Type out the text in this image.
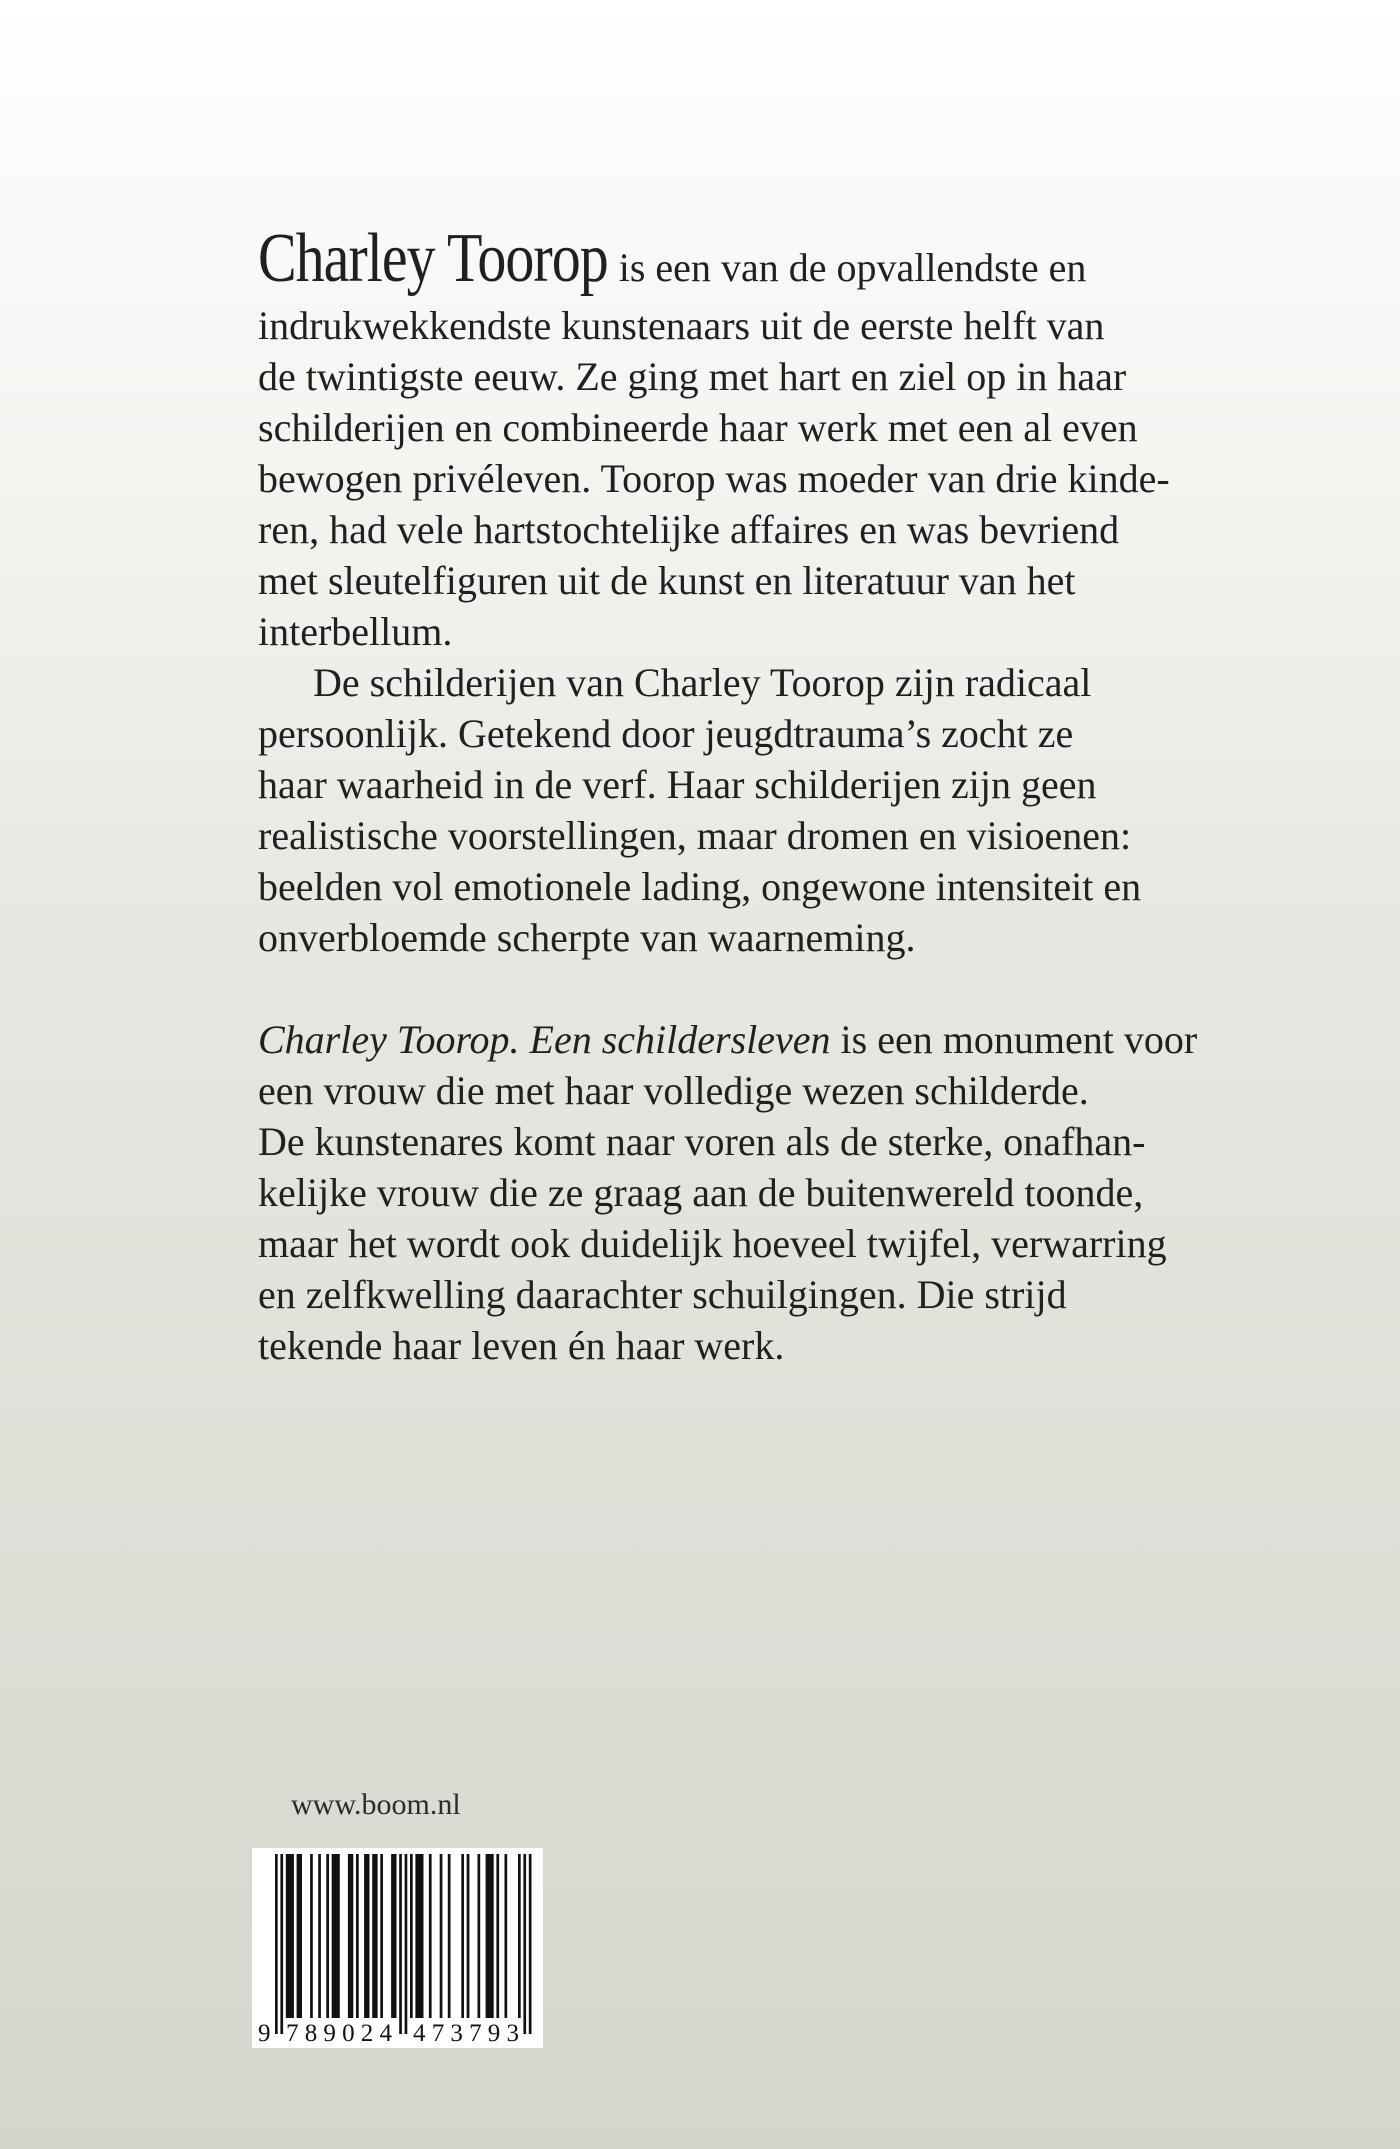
Charley Toorop is een van de opvallendste en
indrukwekkendste kunstenaars uit de eerste helft van
de twintigste eeuw. Ze ging met hart en ziel op in haar
schilderijen en combineerde haar werk met een al even
bewogen privéleven. Toorop was moeder van drie kinde-
ren, had vele hartstochtelijke affaires en was bevriend
met sleutelfiguren uit de kunst en literatuur van het
interbellum.
De schilderijen van Charley Toorop zijn radicaal
persoonlijk. Getekend door jeugdtrauma’s zocht ze
haar waarheid in de verf. Haar schilderijen zijn geen
realistische voorstellingen, maar dromen en visioenen:
beelden vol emotionele lading, ongewone intensiteit en
onverbloemde scherpte van waarneming.
Charley Toorop. Een schildersleven is een monument voor
een vrouw die met haar volledige wezen schilderde.
De kunstenares komt naar voren als de sterke, onafhan-
kelijke vrouw die ze graag aan de buitenwereld toonde,
maar het wordt ook duidelijk hoeveel twijfel, verwarring
en zelfkwelling daarachter schuilgingen. Die strijd
tekende haar leven én haar werk.
www.boom.nl
9 789024 473793
